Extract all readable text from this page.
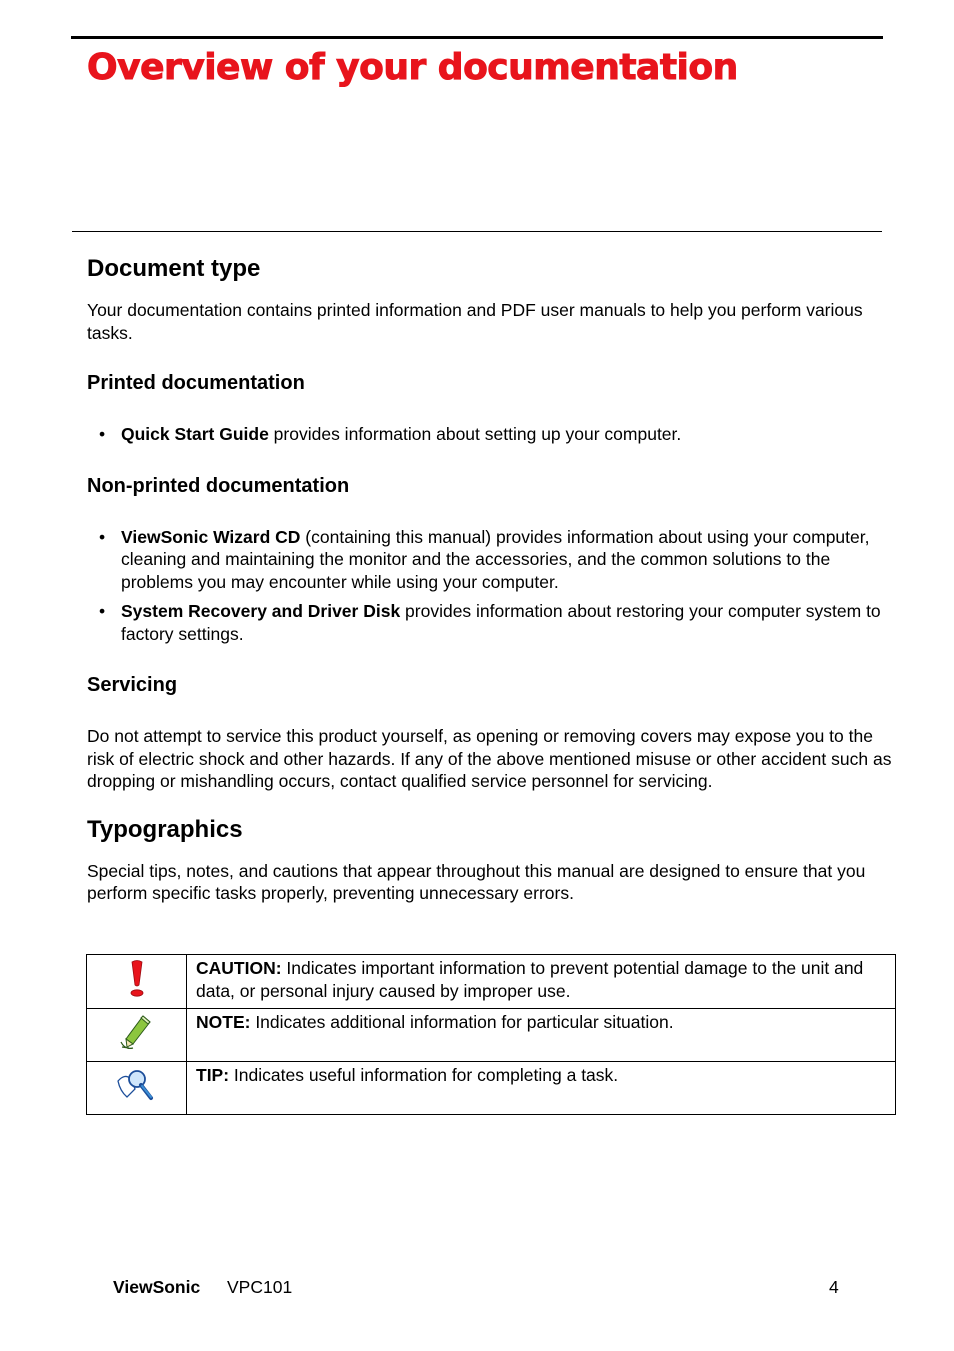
Overview of your documentation
Document type

Your documentation contains printed information and PDF user manuals to help you perform various tasks.

Printed documentation
• Quick Start Guide provides information about setting up your computer.
Non-printed documentation
• ViewSonic Wizard CD (containing this manual) provides information about using your computer, cleaning and maintaining the monitor and the accessories, and the common solutions to the problems you may encounter while using your computer.
• System Recovery and Driver Disk provides information about restoring your computer system to factory settings.
Servicing

Do not attempt to service this product yourself, as opening or removing covers may expose you to the risk of electric shock and other hazards. If any of the above mentioned misuse or other accident such as dropping or mishandling occurs, contact qualified service personnel for servicing.

Typographics

Special tips, notes, and cautions that appear throughout this manual are designed to ensure that you perform specific tasks properly, preventing unnecessary errors.

	CAUTION: Indicates important information to prevent potential damage to the unit and data, or personal injury caused by improper use.
	NOTE: Indicates additional information for particular situation.
	TIP: Indicates useful information for completing a task.
ViewSonic VPC101	4
